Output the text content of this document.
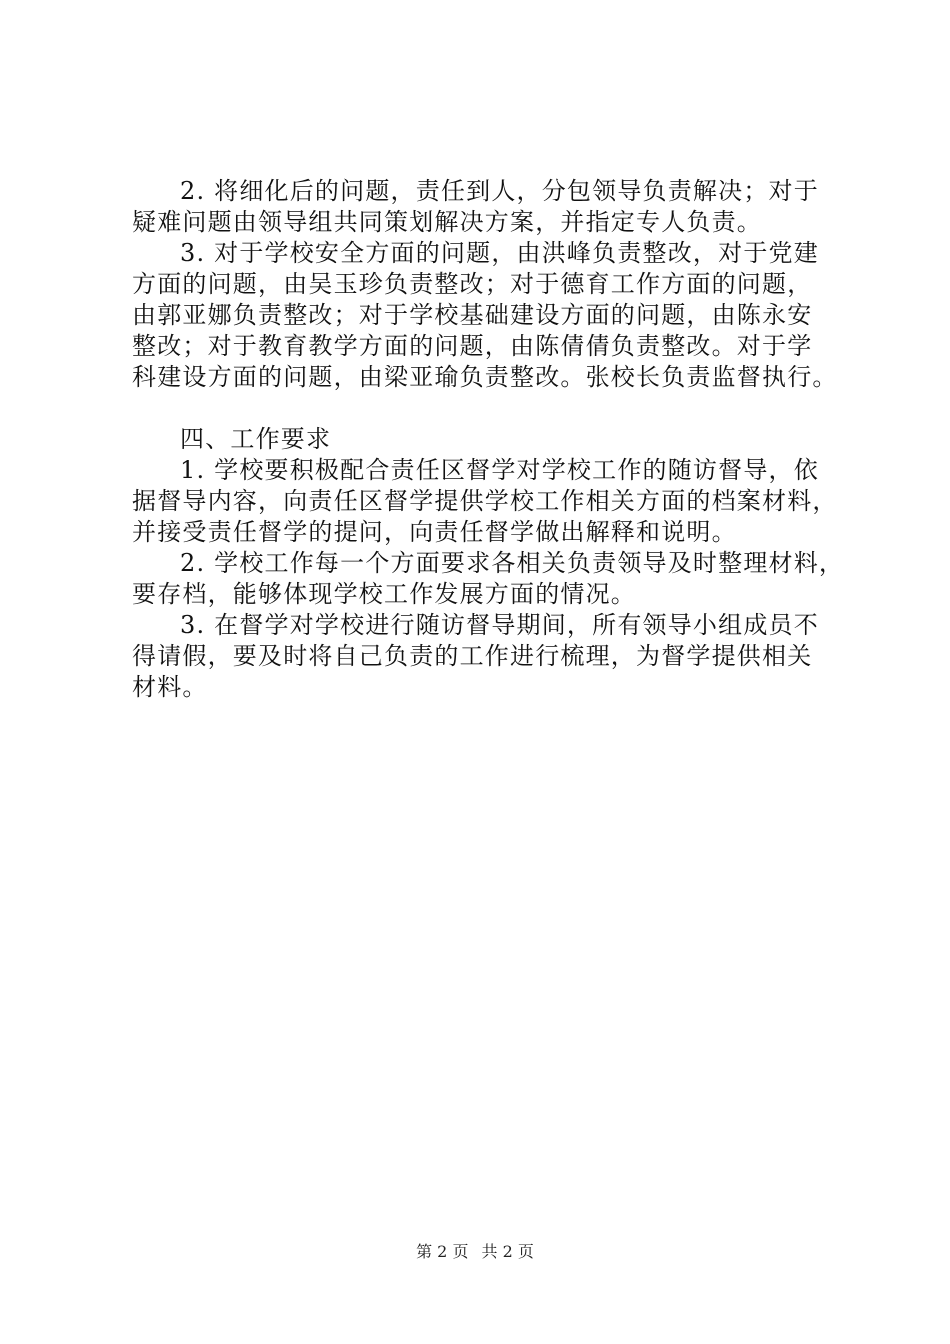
2. 将细化后的问题，责任到人，分包领导负责解决；对于
疑难问题由领导组共同策划解决方案，并指定专人负责。
3. 对于学校安全方面的问题，由洪峰负责整改，对于党建
方面的问题，由吴玉珍负责整改；对于德育工作方面的问题，
由郭亚娜负责整改；对于学校基础建设方面的问题，由陈永安
整改；对于教育教学方面的问题，由陈倩倩负责整改。对于学
科建设方面的问题，由梁亚瑜负责整改。张校长负责监督执行。
四、工作要求
1. 学校要积极配合责任区督学对学校工作的随访督导，依
据督导内容，向责任区督学提供学校工作相关方面的档案材料，
并接受责任督学的提问，向责任督学做出解释和说明。
2. 学校工作每一个方面要求各相关负责领导及时整理材料，
要存档，能够体现学校工作发展方面的情况。
3. 在督学对学校进行随访督导期间，所有领导小组成员不
得请假，要及时将自己负责的工作进行梳理，为督学提供相关
材料。
第 2 页 共 2 页
